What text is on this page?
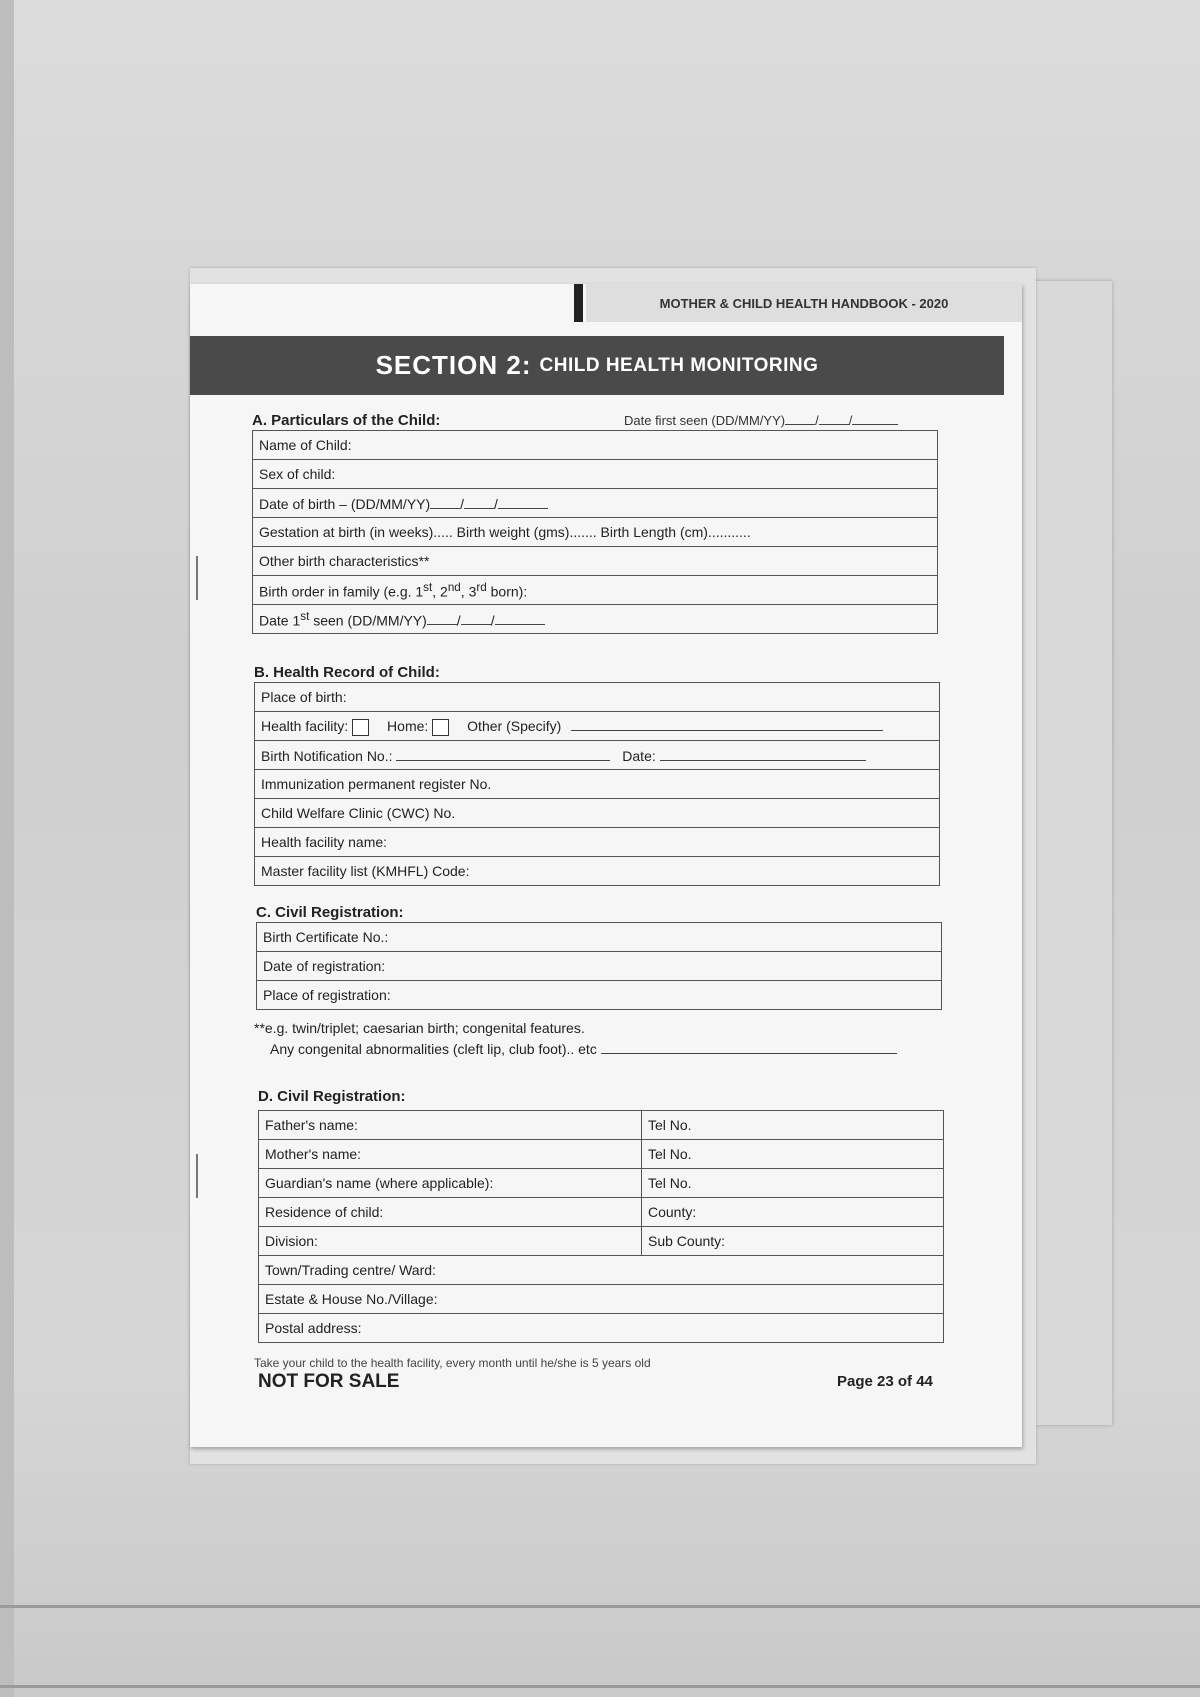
MOTHER & CHILD HEALTH HANDBOOK - 2020
SECTION 2: CHILD HEALTH MONITORING
A. Particulars of the Child:	Date first seen (DD/MM/YY) / /
Name of Child:
Sex of child:
Date of birth – (DD/MM/YY) / /
Gestation at birth (in weeks)..... Birth weight (gms)....... Birth Length (cm)...........
Other birth characteristics**
Birth order in family (e.g. 1st, 2nd, 3rd born):
Date 1st seen (DD/MM/YY) / /
B. Health Record of Child:
Place of birth:
Health facility:	Home:	Other (Specify)
Birth Notification No.:	Date:
Immunization permanent register No.
Child Welfare Clinic (CWC) No.
Health facility name:
Master facility list (KMHFL) Code:
C. Civil Registration:
Birth Certificate No.:
Date of registration:
Place of registration:
**e.g. twin/triplet; caesarian birth; congenital features.
Any congenital abnormalities (cleft lip, club foot).. etc
D. Civil Registration:
Father's name:	Tel No.
Mother's name:	Tel No.
Guardian's name (where applicable):	Tel No.
Residence of child:	County:
Division:	Sub County:
Town/Trading centre/ Ward:	
Estate & House No./Village:	
Postal address:	
Take your child to the health facility, every month until he/she is 5 years old
NOT FOR SALE	Page 23 of 44
